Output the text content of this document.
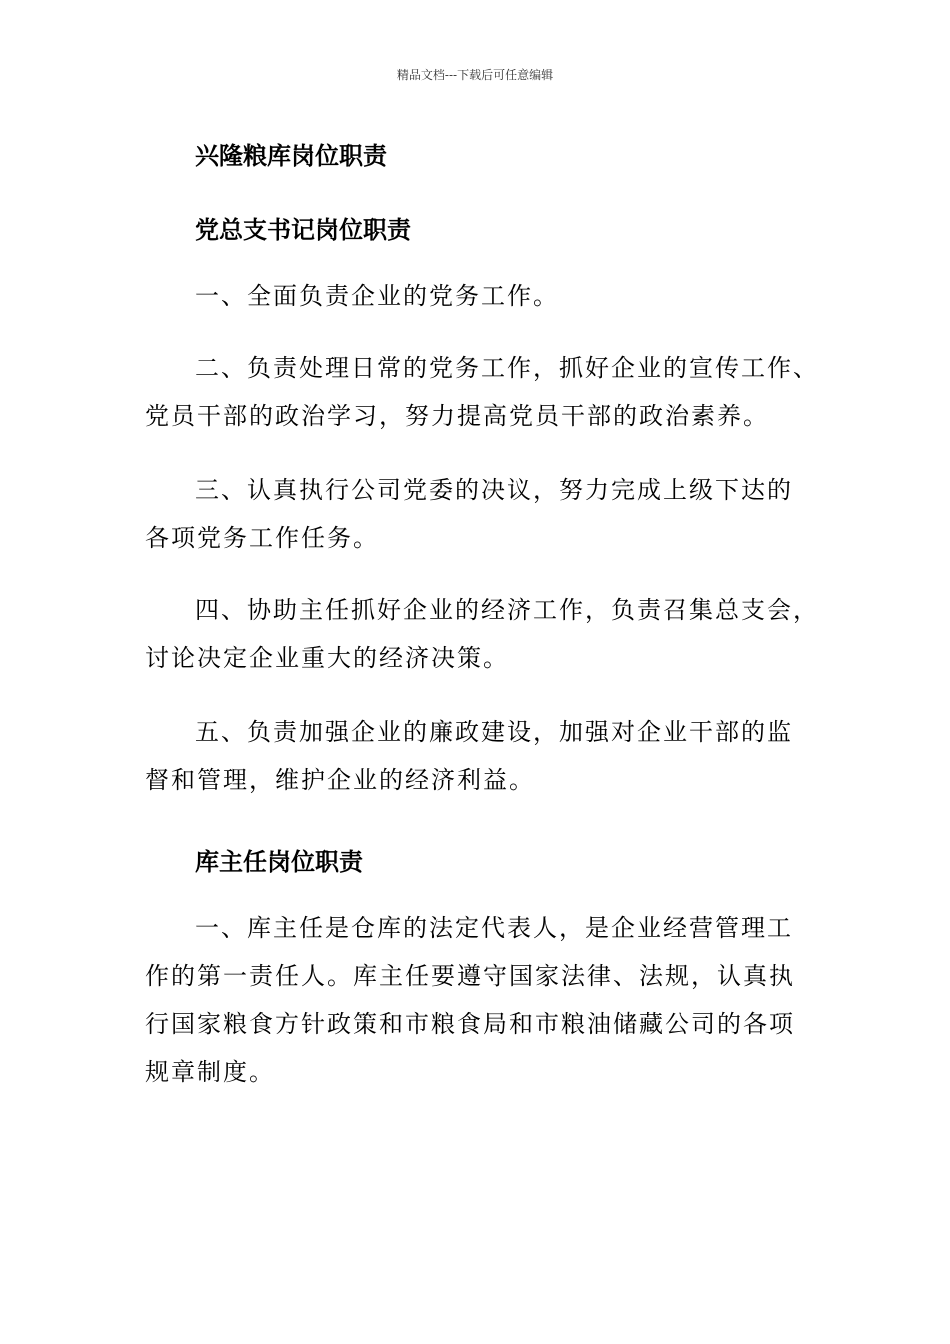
精品文档---下载后可任意编辑
兴隆粮库岗位职责
党总支书记岗位职责
一、全面负责企业的党务工作。
二、负责处理日常的党务工作，抓好企业的宣传工作、
党员干部的政治学习，努力提高党员干部的政治素养。
三、认真执行公司党委的决议，努力完成上级下达的
各项党务工作任务。
四、协助主任抓好企业的经济工作，负责召集总支会，
讨论决定企业重大的经济决策。
五、负责加强企业的廉政建设，加强对企业干部的监
督和管理，维护企业的经济利益。
库主任岗位职责
一、库主任是仓库的法定代表人，是企业经营管理工
作的第一责任人。库主任要遵守国家法律、法规，认真执
行国家粮食方针政策和市粮食局和市粮油储藏公司的各项
规章制度。
